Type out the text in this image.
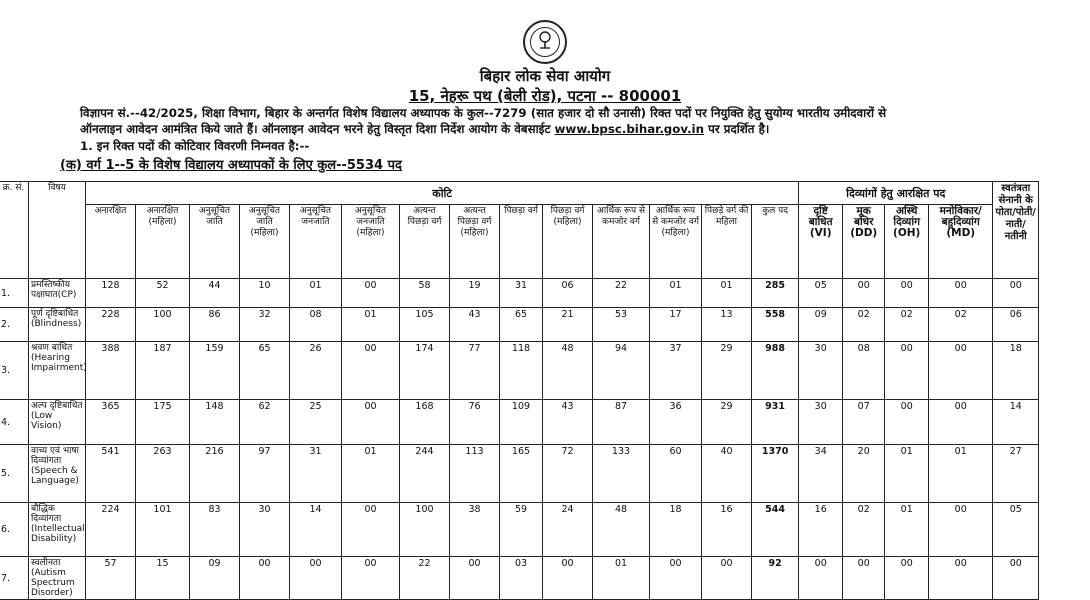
बिहार लोक सेवा आयोग
15, नेहरू पथ (बेली रोड), पटना -- 800001
विज्ञापन सं.--42/2025, शिक्षा विभाग, बिहार के अन्तर्गत विशेष विद्यालय अध्यापक के कुल--7279 (सात हजार दो सौ उनासी) रिक्त पदों पर नियुक्ति हेतु सुयोग्य भारतीय उमीदवारों से
ऑनलाइन आवेदन आमंत्रित किये जाते हैं। ऑनलाइन आवेदन भरने हेतु विस्तृत दिशा निर्देश आयोग के वेबसाईट www.bpsc.bihar.gov.in पर प्रदर्शित है।
1. इन रिक्त पदों की कोटिवार विवरणी निम्नवत है:--
(क) वर्ग 1--5 के विशेष विद्यालय अध्यापकों के लिए कुल--5534 पद
क्र. सं.	विषय	कोटि														दिव्यांगों हेतु आरक्षित पद				स्वतंत्रता सेनानी के पोता/पोती/नाती/नतीनी
		अनारक्षित	अनारक्षित (महिला)	अनुसूचित जाति	अनुसूचित जाति (महिला)	अनुसूचित जनजाति	अनुसूचित जनजाति (महिला)	अत्यन्त पिछड़ा वर्ग	अत्यन्त पिछड़ा वर्ग (महिला)	पिछड़ा वर्ग	पिछड़ा वर्ग (महिला)	आर्थिक रूप से कमजोर वर्ग	आर्थिक रूप से कमजोर वर्ग (महिला)	पिछड़े वर्ग की महिला	कुल पद	दृष्टि बाधित (VI)	मूक बधिर (DD)	अस्थि दिव्यांग (OH)	मनोविकार/ बहुदिव्यांग (MD)	
1.	प्रमस्तिष्कीय पक्षाघात(CP)	128	52	44	10	01	00	58	19	31	06	22	01	01	285	05	00	00	00	00
2.	पूर्ण दृष्टिबाधित (Blindness)	228	100	86	32	08	01	105	43	65	21	53	17	13	558	09	02	02	02	06
3.	श्रवण बाधित (Hearing Impairment)	388	187	159	65	26	00	174	77	118	48	94	37	29	988	30	08	00	00	18
4.	अल्प दृष्टिबाधित (Low Vision)	365	175	148	62	25	00	168	76	109	43	87	36	29	931	30	07	00	00	14
5.	वाच्य एवं भाषा दिव्यांगता (Speech & Language)	541	263	216	97	31	01	244	113	165	72	133	60	40	1370	34	20	01	01	27
6.	बौद्धिक दिव्यांगता (Intellectual Disability)	224	101	83	30	14	00	100	38	59	24	48	18	16	544	16	02	01	00	05
7.	स्वलीनता (Autism Spectrum Disorder)	57	15	09	00	00	00	22	00	03	00	01	00	00	92	00	00	00	00	00
